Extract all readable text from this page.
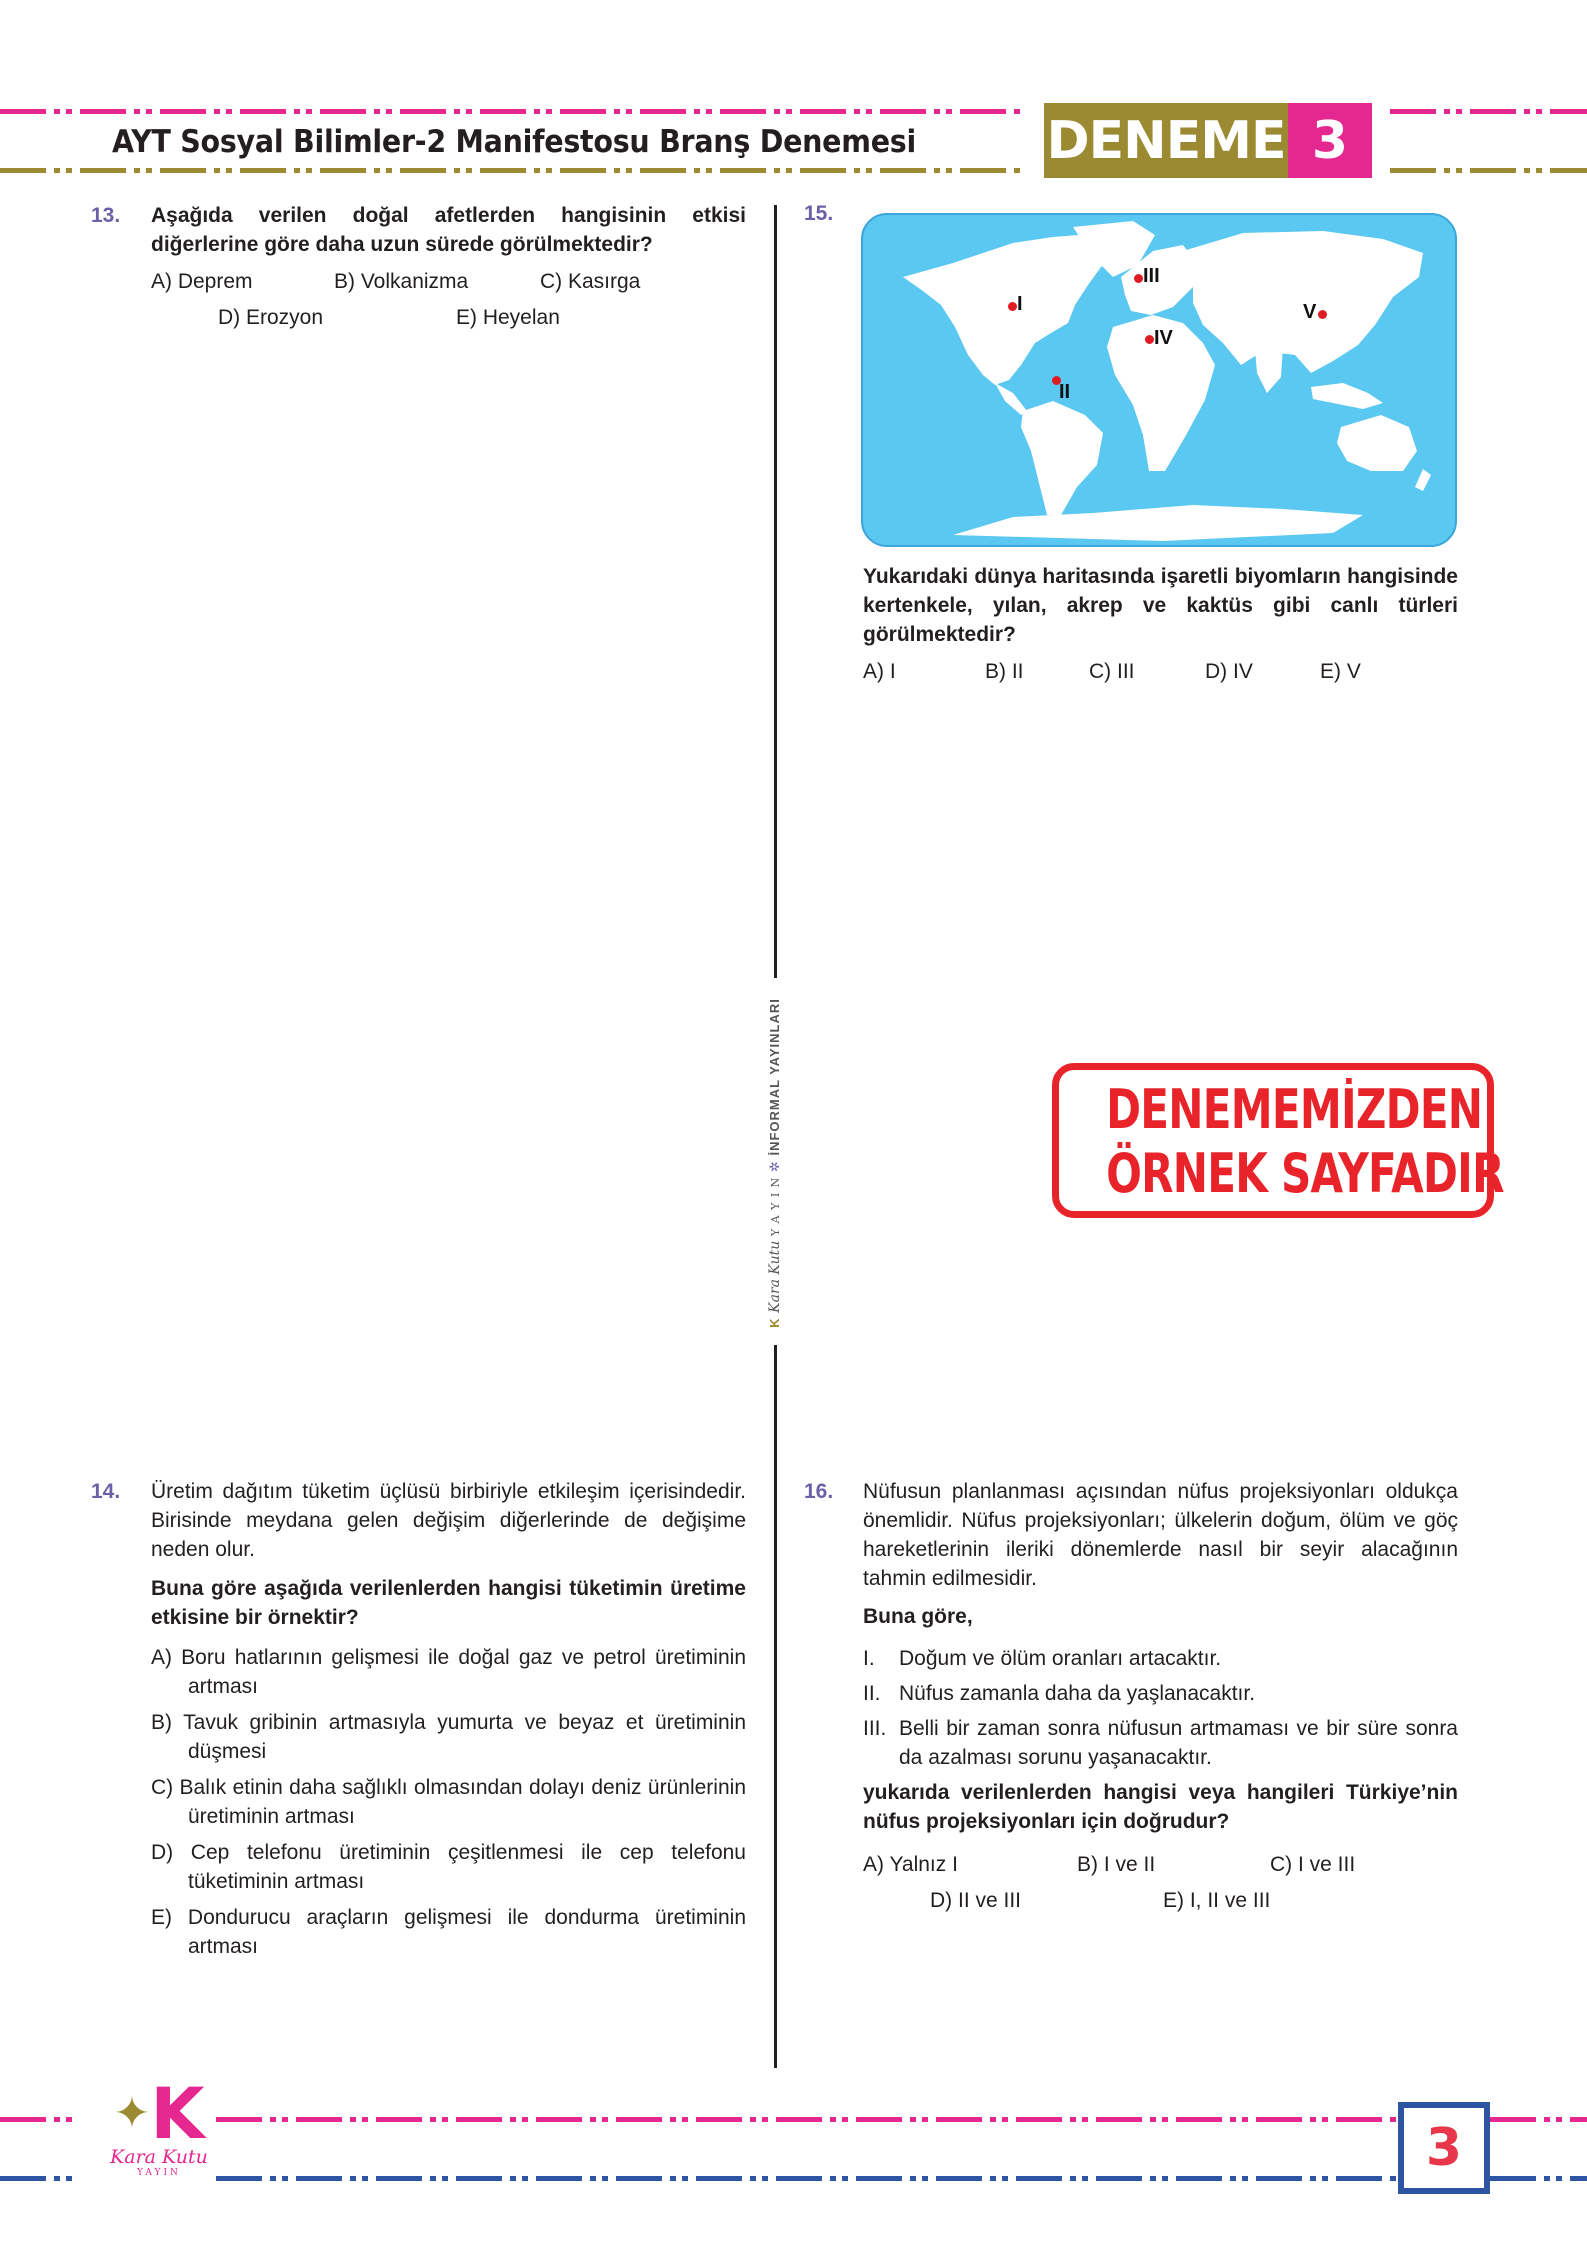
AYT Sosyal Bilimler-2 Manifestosu Branş Denemesi	DENEME 3
K Kara Kutu Y A Y I N ✲ İNFORMAL YAYINLARI
13. Aşağıda verilen doğal afetlerden hangisinin etkisi diğerlerine göre daha uzun sürede görülmektedir?
A) Deprem	B) Volkanizma	C) Kasırga
D) Erozyon	E) Heyelan
15.
I
II
III
IV
V
Yukarıdaki dünya haritasında işaretli biyomların hangisinde kertenkele, yılan, akrep ve kaktüs gibi canlı türleri görülmektedir?
A) I	B) II	C) III	D) IV	E) V
DENEMEMİZDEN
ÖRNEK SAYFADIR
14. Üretim dağıtım tüketim üçlüsü birbiriyle etkileşim içerisindedir. Birisinde meydana gelen değişim diğerlerinde de değişime neden olur.
Buna göre aşağıda verilenlerden hangisi tüketimin üretime etkisine bir örnektir?
A) Boru hatlarının gelişmesi ile doğal gaz ve petrol üretiminin artması
B) Tavuk gribinin artmasıyla yumurta ve beyaz et üretiminin düşmesi
C) Balık etinin daha sağlıklı olmasından dolayı deniz ürünlerinin üretiminin artması
D) Cep telefonu üretiminin çeşitlenmesi ile cep telefonu tüketiminin artması
E) Dondurucu araçların gelişmesi ile dondurma üretiminin artması
16. Nüfusun planlanması açısından nüfus projeksiyonları oldukça önemlidir. Nüfus projeksiyonları; ülkelerin doğum, ölüm ve göç hareketlerinin ileriki dönemlerde nasıl bir seyir alacağının tahmin edilmesidir.
Buna göre,
I. Doğum ve ölüm oranları artacaktır.
II. Nüfus zamanla daha da yaşlanacaktır.
III. Belli bir zaman sonra nüfusun artmaması ve bir süre sonra da azalması sorunu yaşanacaktır.
yukarıda verilenlerden hangisi veya hangileri Türkiye’nin nüfus projeksiyonları için doğrudur?
A) Yalnız I	B) I ve II	C) I ve III
D) II ve III	E) I, II ve III
✦K
Kara Kutu
YAYIN	3
